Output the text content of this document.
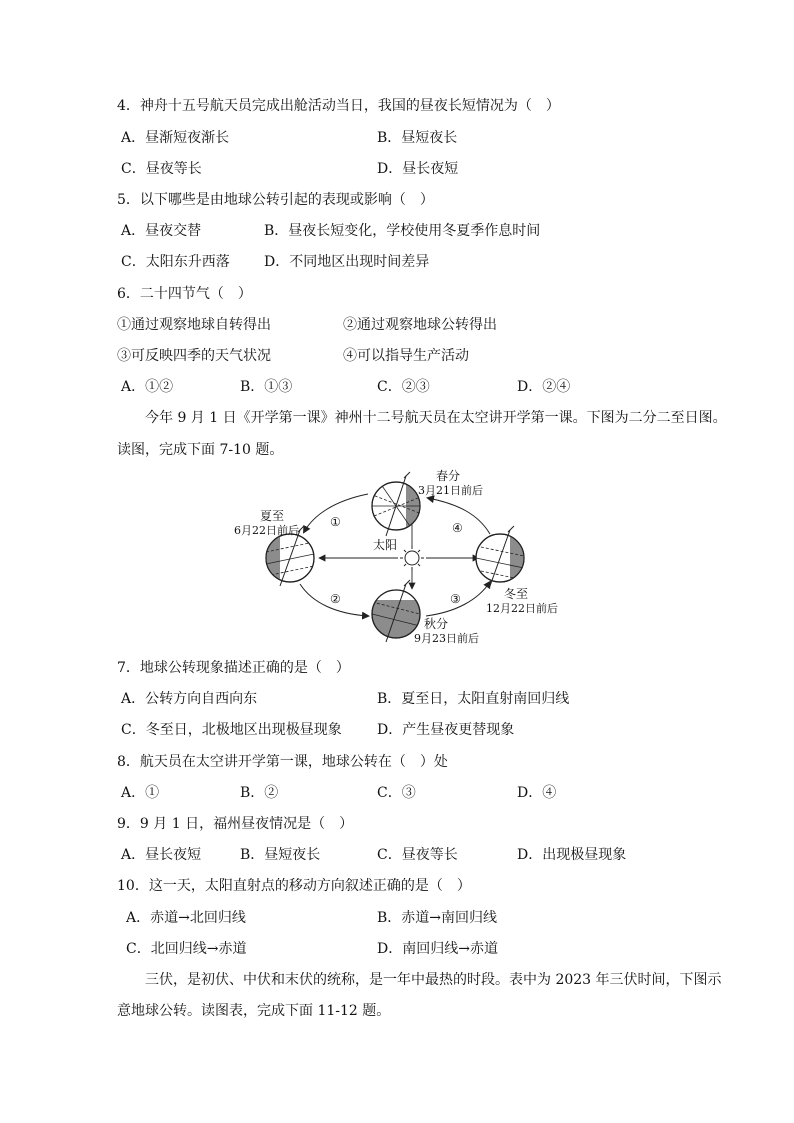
4．神舟十五号航天员完成出舱活动当日，我国的昼夜长短情况为（　）
A．昼渐短夜渐长	B．昼短夜长
C．昼夜等长	D．昼长夜短
5．以下哪些是由地球公转引起的表现或影响（　）
A．昼夜交替	B．昼夜长短变化，学校使用冬夏季作息时间
C．太阳东升西落 D．不同地区出现时间差异
6．二十四节气（　）
①通过观察地球自转得出	②通过观察地球公转得出
③可反映四季的天气状况	④可以指导生产活动
A．①②	B．①③	C．②③	D．②④
今年 9 月 1 日《开学第一课》神州十二号航天员在太空讲开学第一课。下图为二分二至日图。
读图，完成下面 7-10 题。
①
②	③
④
太阳
春分
3月21日前后
夏至
6月22日前后
冬至
12月22日前后
秋分
9月23日前后
7．地球公转现象描述正确的是（　）
A．公转方向自西向东	B．夏至日，太阳直射南回归线
C．冬至日，北极地区出现极昼现象	D．产生昼夜更替现象
8．航天员在太空讲开学第一课，地球公转在（　）处
A．①	B．②	C．③	D．④
9．9 月 1 日，福州昼夜情况是（　）
A．昼长夜短	B．昼短夜长	C．昼夜等长	D．出现极昼现象
10．这一天，太阳直射点的移动方向叙述正确的是（　）
A．赤道→北回归线	B．赤道→南回归线
C．北回归线→赤道	D．南回归线→赤道
三伏，是初伏、中伏和末伏的统称，是一年中最热的时段。表中为 2023 年三伏时间，下图示
意地球公转。读图表，完成下面 11-12 题。
